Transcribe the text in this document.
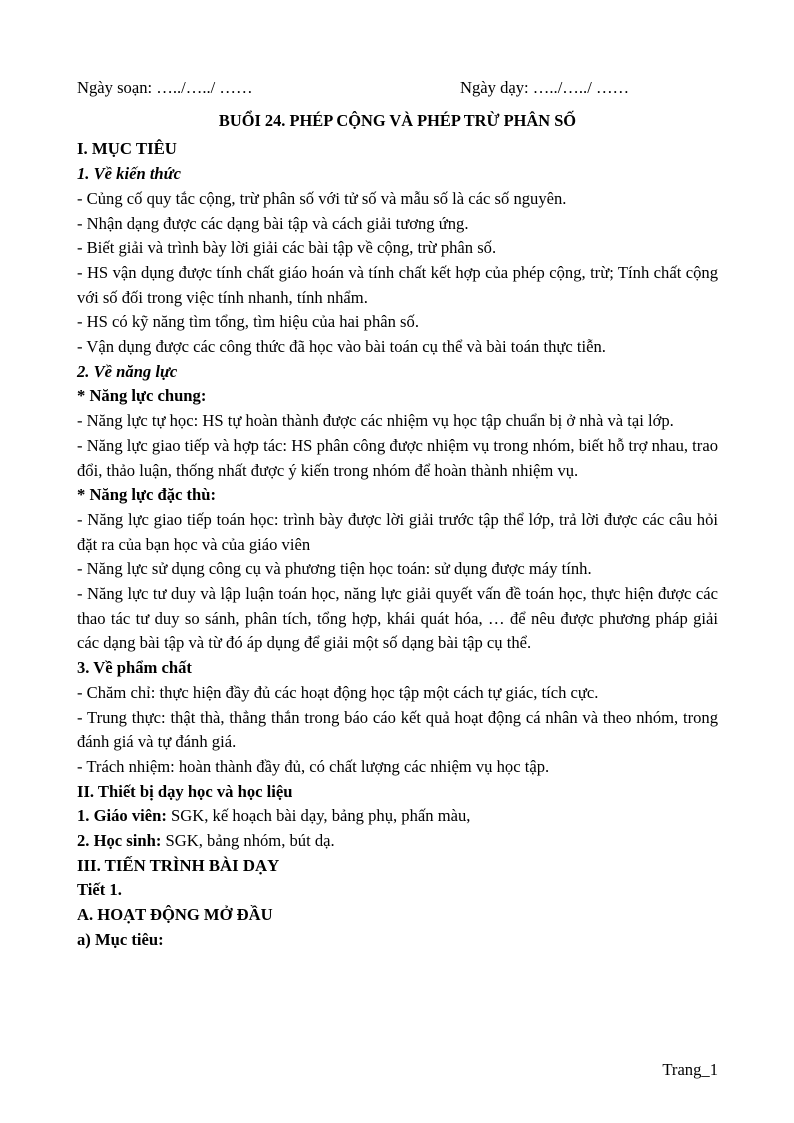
Ngày soạn: …../…../ ……	Ngày dạy: …../…../ ……
BUỔI 24. PHÉP CỘNG VÀ PHÉP TRỪ PHÂN SỐ
I. MỤC TIÊU
1. Về kiến thức

- Củng cố quy tắc cộng, trừ phân số với tử số và mẫu số là các số nguyên.

- Nhận dạng được các dạng bài tập và cách giải tương ứng.

- Biết giải và trình bày lời giải các bài tập về cộng, trừ phân số.

- HS vận dụng được tính chất giáo hoán và tính chất kết hợp của phép cộng, trừ; Tính chất cộng với số đối trong việc tính nhanh, tính nhẩm.

- HS có kỹ năng tìm tổng, tìm hiệu của hai phân số.

- Vận dụng được các công thức đã học vào bài toán cụ thể và bài toán thực tiễn.

2. Về năng lực
* Năng lực chung:

- Năng lực tự học: HS tự hoàn thành được các nhiệm vụ học tập chuẩn bị ở nhà và tại lớp.

- Năng lực giao tiếp và hợp tác: HS phân công được nhiệm vụ trong nhóm, biết hỗ trợ nhau, trao đổi, thảo luận, thống nhất được ý kiến trong nhóm để hoàn thành nhiệm vụ.

* Năng lực đặc thù:

- Năng lực giao tiếp toán học: trình bày được lời giải trước tập thể lớp, trả lời được các câu hỏi đặt ra của bạn học và của giáo viên

- Năng lực sử dụng công cụ và phương tiện học toán: sử dụng được máy tính.

- Năng lực tư duy và lập luận toán học, năng lực giải quyết vấn đề toán học, thực hiện được các thao tác tư duy so sánh, phân tích, tổng hợp, khái quát hóa, … để nêu được phương pháp giải các dạng bài tập và từ đó áp dụng để giải một số dạng bài tập cụ thể.

3. Về phẩm chất

- Chăm chỉ: thực hiện đầy đủ các hoạt động học tập một cách tự giác, tích cực.

- Trung thực: thật thà, thẳng thắn trong báo cáo kết quả hoạt động cá nhân và theo nhóm, trong đánh giá và tự đánh giá.

- Trách nhiệm: hoàn thành đầy đủ, có chất lượng các nhiệm vụ học tập.

II. Thiết bị dạy học và học liệu

1. Giáo viên: SGK, kế hoạch bài dạy, bảng phụ, phấn màu,

2. Học sinh: SGK, bảng nhóm, bút dạ.

III. TIẾN TRÌNH BÀI DẠY
Tiết 1.
A. HOẠT ĐỘNG MỞ ĐẦU
a) Mục tiêu:
Trang_1
